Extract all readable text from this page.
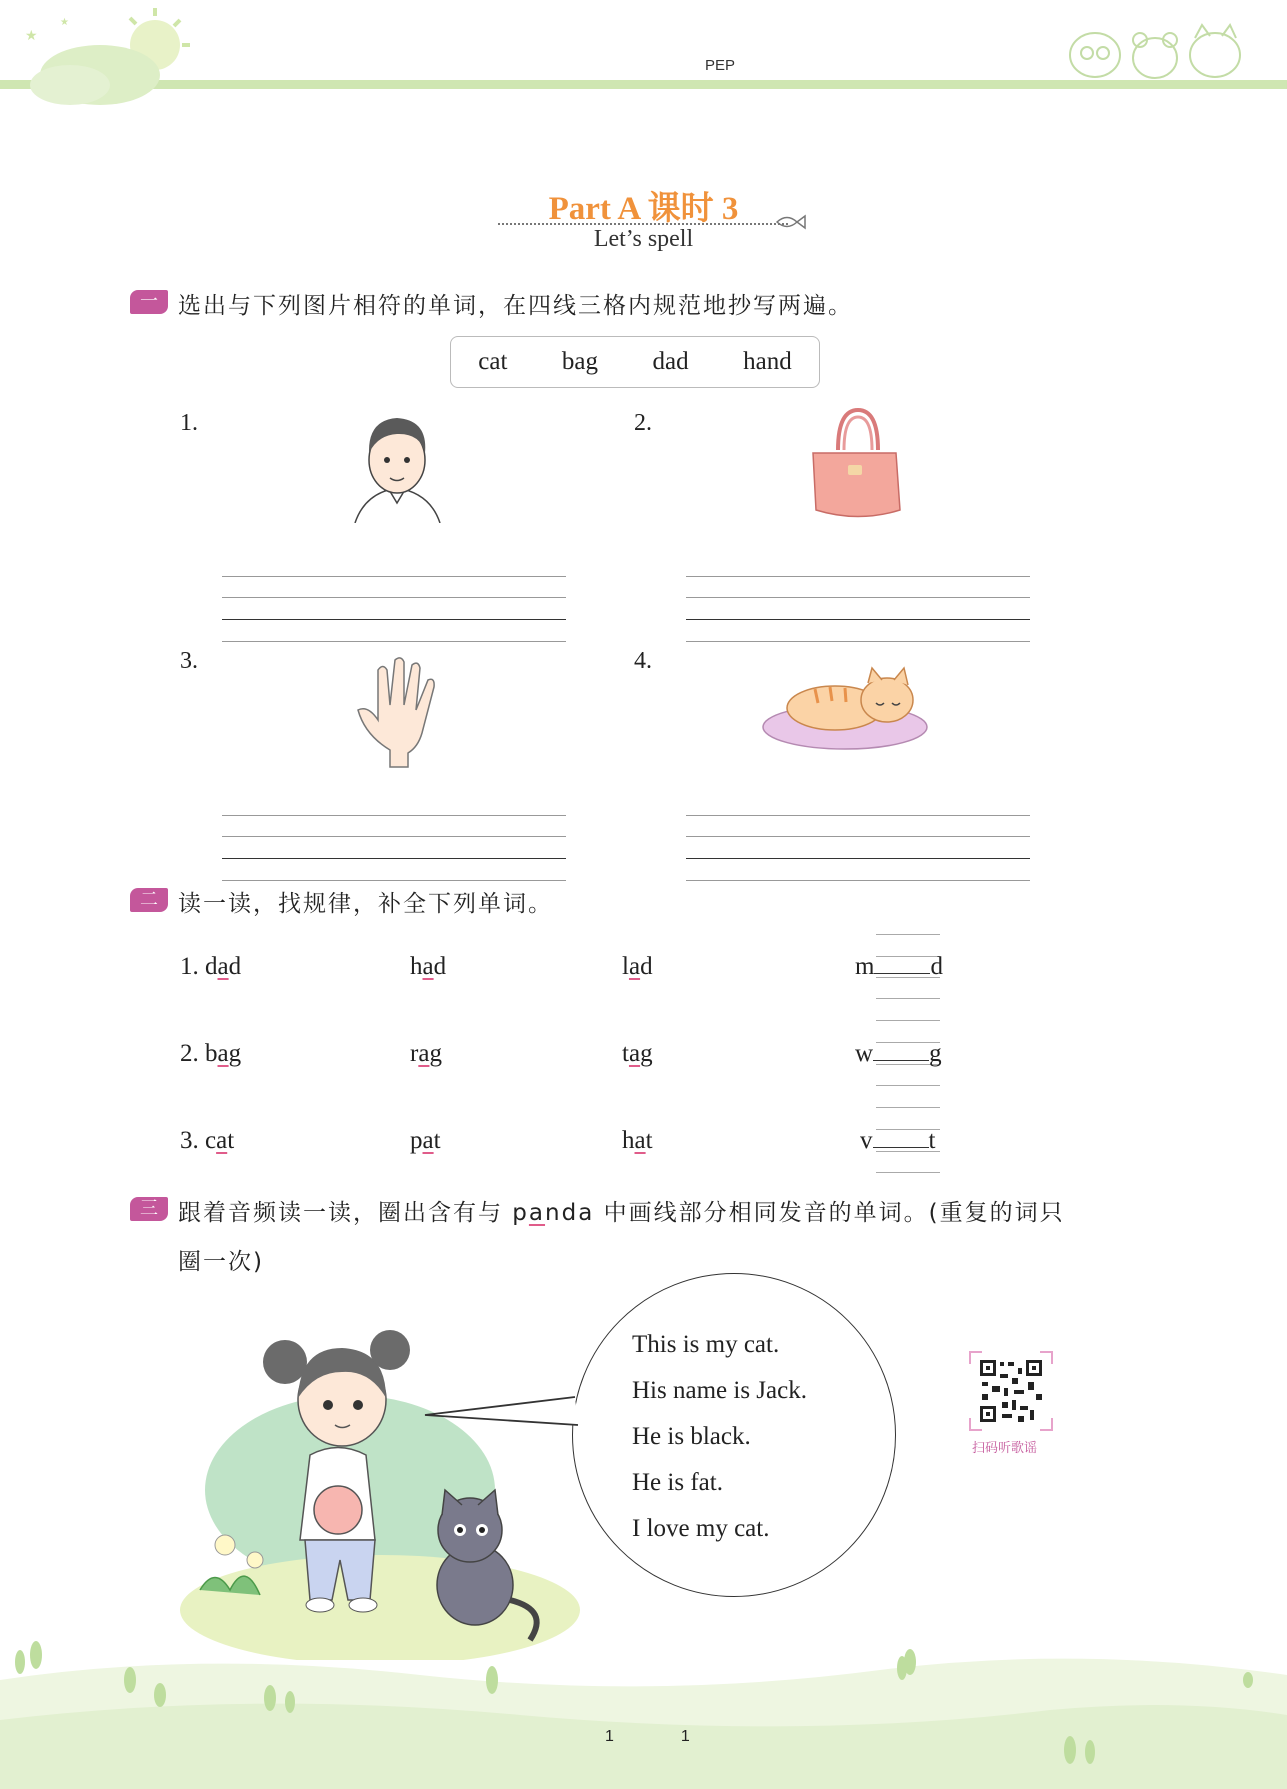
★
★
PEP
Part A 课时 3
Let’s spell
一 选出与下列图片相符的单词，在四线三格内规范地抄写两遍。
cat bag dad hand
1.	2.
3.	4.
二 读一读，找规律，补全下列单词。
1. dad	had	lad	m d
2. bag	rag	tag	w g
3. cat	pat	hat	v t
三 跟着音频读一读，圈出含有与 panda 中画线部分相同发音的单词。(重复的词只
圈一次)
This is my cat.
His name is Jack.
He is black.
He is fat.
I love my cat.
扫码听歌谣
1	1
